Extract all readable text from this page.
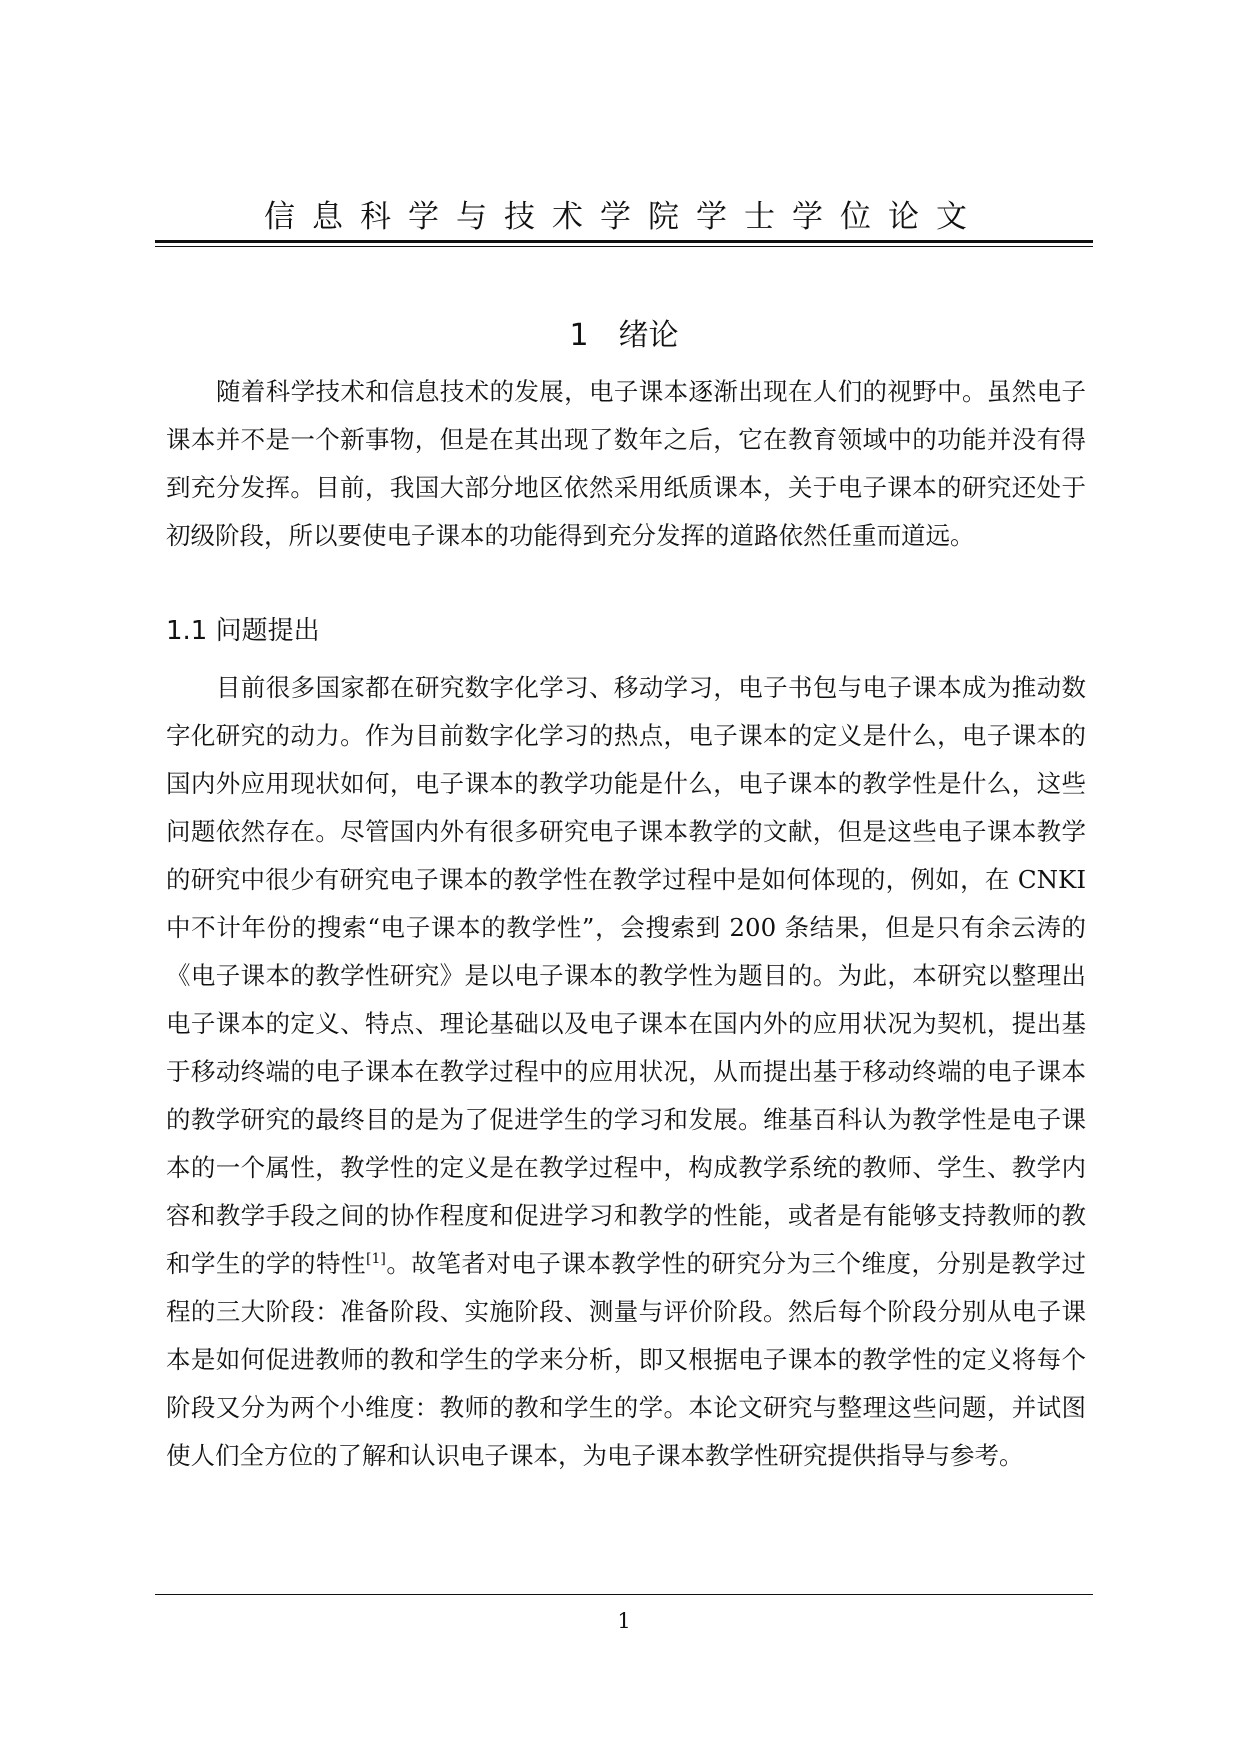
信息科学与技术学院学士学位论文
1 绪论

随着科学技术和信息技术的发展，电子课本逐渐出现在人们的视野中。虽然电子课本并不是一个新事物，但是在其出现了数年之后，它在教育领域中的功能并没有得到充分发挥。目前，我国大部分地区依然采用纸质课本，关于电子课本的研究还处于初级阶段，所以要使电子课本的功能得到充分发挥的道路依然任重而道远。

1.1 问题提出

目前很多国家都在研究数字化学习、移动学习，电子书包与电子课本成为推动数字化研究的动力。作为目前数字化学习的热点，电子课本的定义是什么，电子课本的国内外应用现状如何，电子课本的教学功能是什么，电子课本的教学性是什么，这些问题依然存在。尽管国内外有很多研究电子课本教学的文献，但是这些电子课本教学的研究中很少有研究电子课本的教学性在教学过程中是如何体现的，例如，在 CNKI 中不计年份的搜索“电子课本的教学性”，会搜索到 200 条结果，但是只有余云涛的《电子课本的教学性研究》是以电子课本的教学性为题目的。为此，本研究以整理出电子课本的定义、特点、理论基础以及电子课本在国内外的应用状况为契机，提出基于移动终端的电子课本在教学过程中的应用状况，从而提出基于移动终端的电子课本的教学研究的最终目的是为了促进学生的学习和发展。维基百科认为教学性是电子课本的一个属性，教学性的定义是在教学过程中，构成教学系统的教师、学生、教学内容和教学手段之间的协作程度和促进学习和教学的性能，或者是有能够支持教师的教和学生的学的特性[1]。故笔者对电子课本教学性的研究分为三个维度，分别是教学过程的三大阶段：准备阶段、实施阶段、测量与评价阶段。然后每个阶段分别从电子课本是如何促进教师的教和学生的学来分析，即又根据电子课本的教学性的定义将每个阶段又分为两个小维度：教师的教和学生的学。本论文研究与整理这些问题，并试图使人们全方位的了解和认识电子课本，为电子课本教学性研究提供指导与参考。

1
